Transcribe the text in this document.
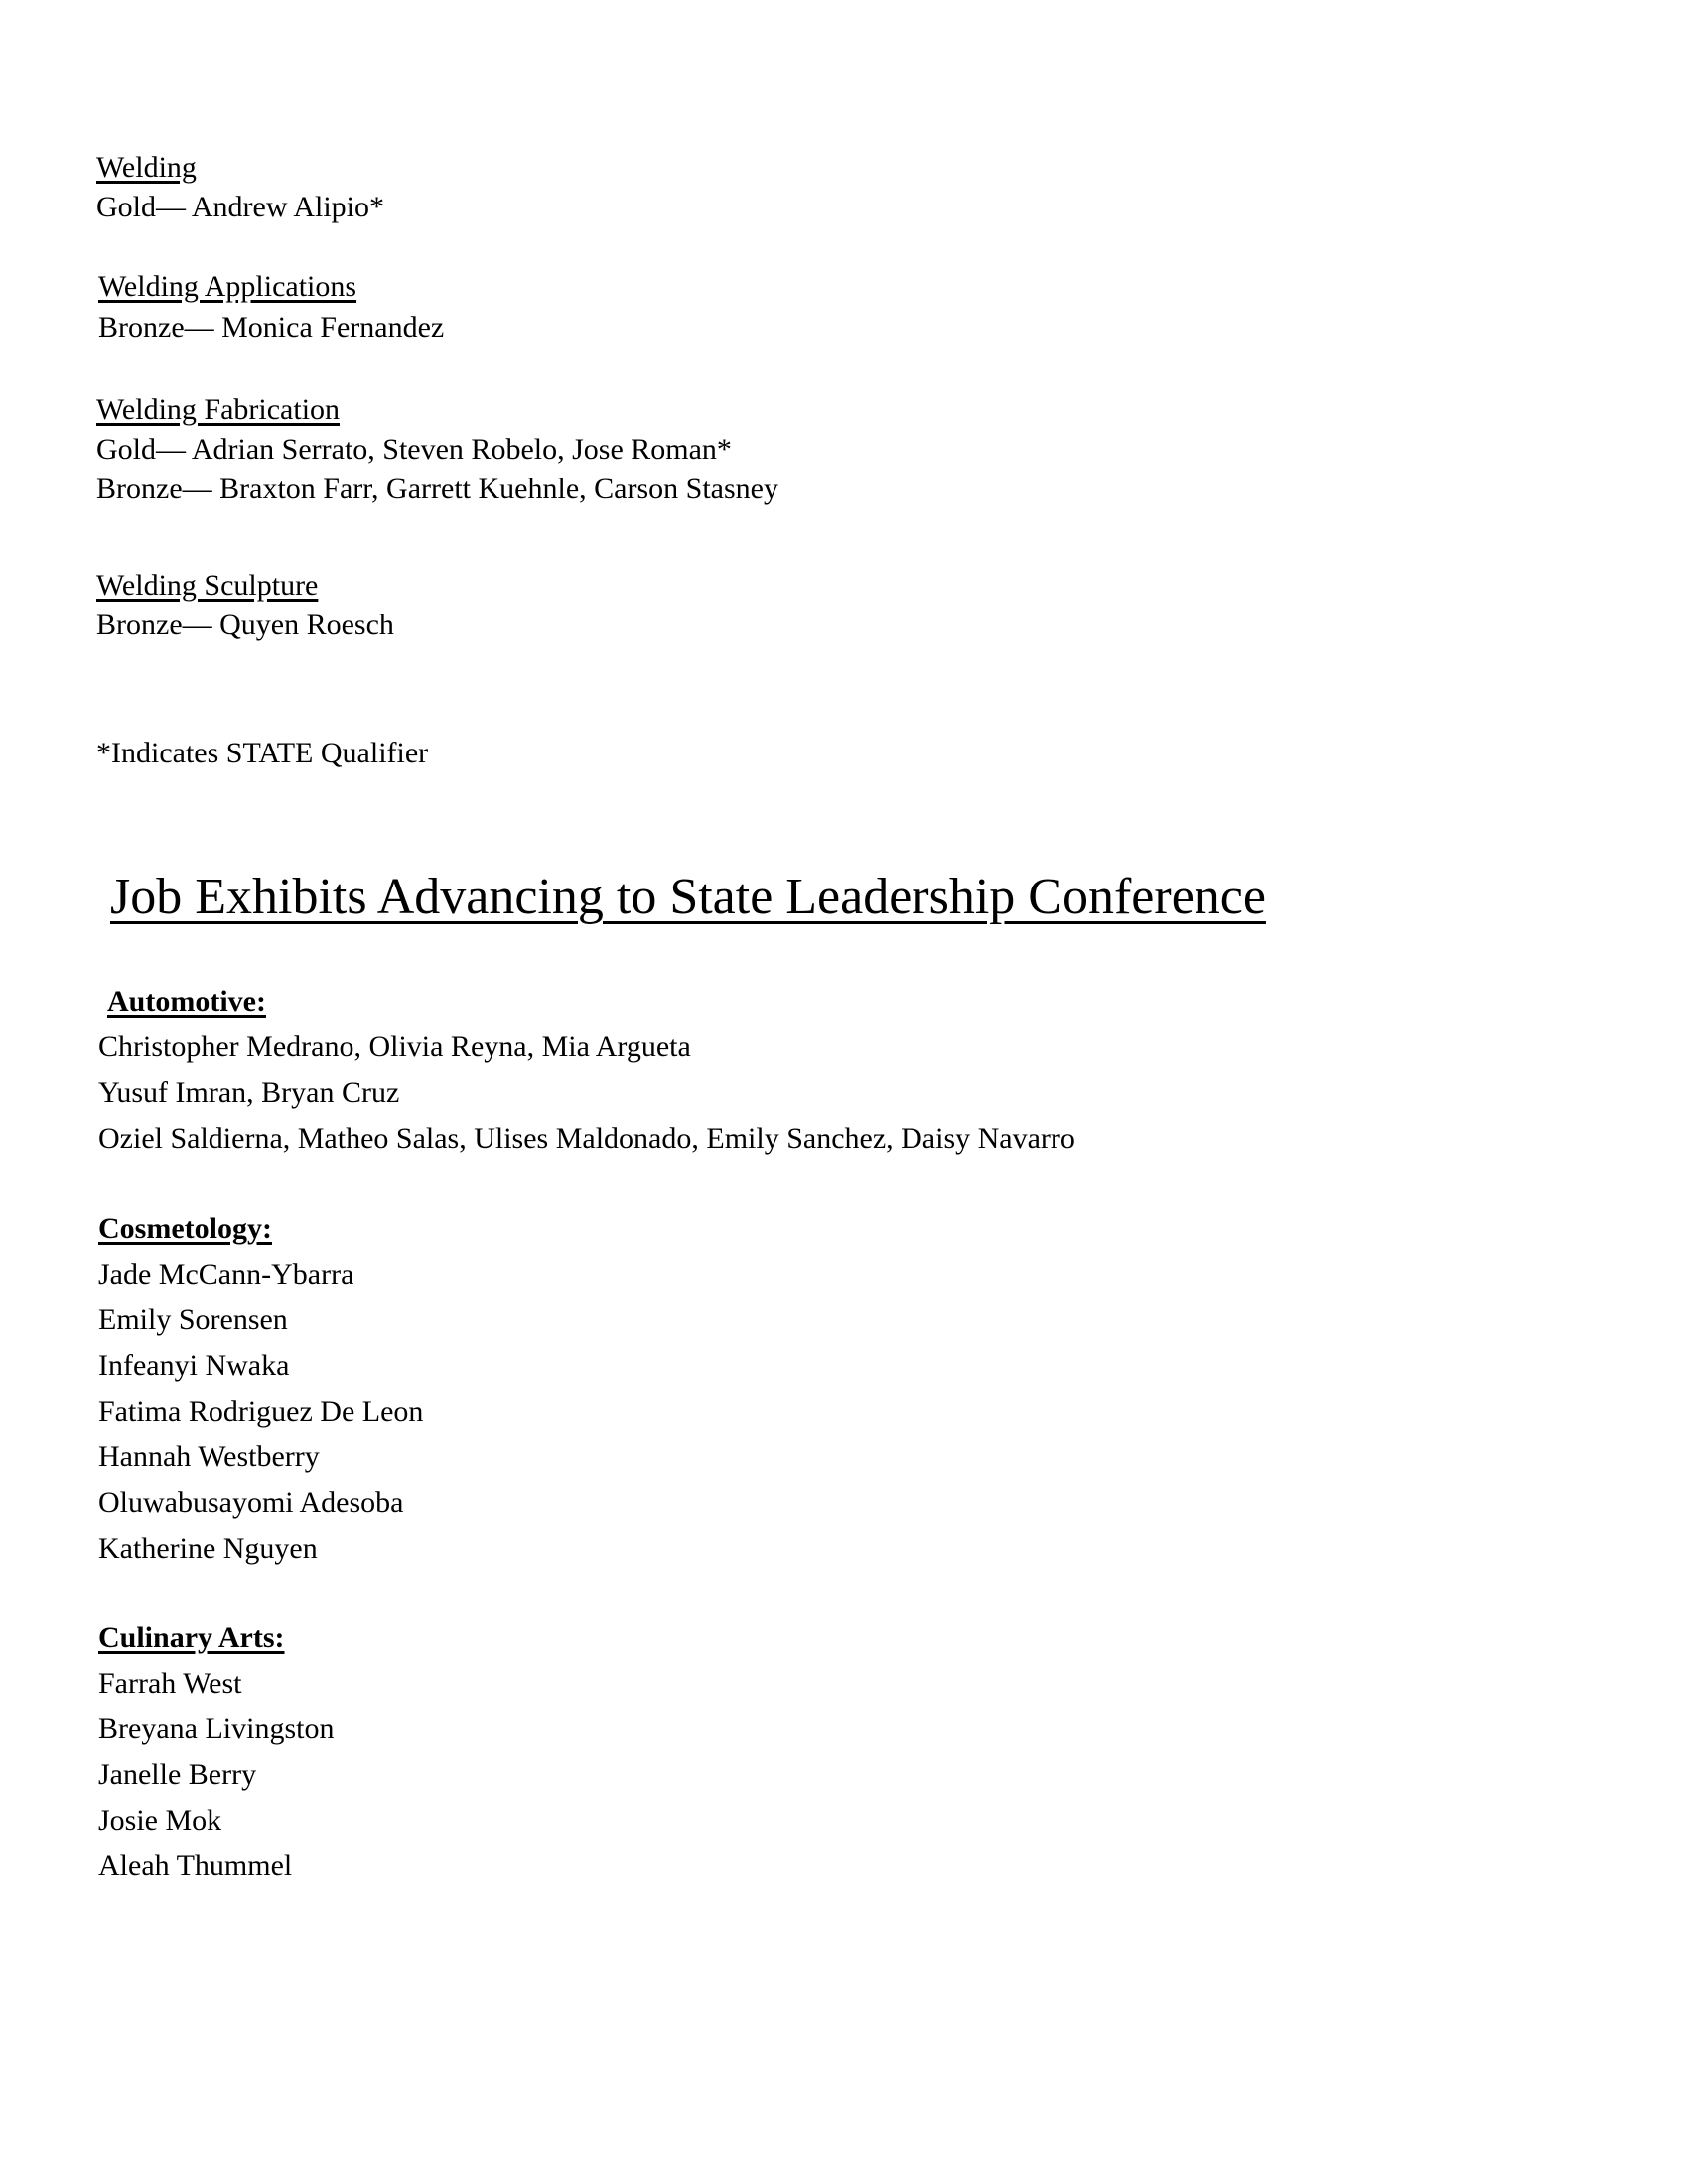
Welding
Gold— Andrew Alipio*
Welding Applications
Bronze— Monica Fernandez
Welding Fabrication
Gold— Adrian Serrato, Steven Robelo, Jose Roman*
Bronze— Braxton Farr, Garrett Kuehnle, Carson Stasney
Welding Sculpture
Bronze— Quyen Roesch
*Indicates STATE Qualifier
Job Exhibits Advancing to State Leadership Conference
Automotive:
Christopher Medrano, Olivia Reyna, Mia Argueta
Yusuf Imran, Bryan Cruz
Oziel Saldierna, Matheo Salas, Ulises Maldonado, Emily Sanchez, Daisy Navarro
Cosmetology:
Jade McCann-Ybarra
Emily Sorensen
Infeanyi Nwaka
Fatima Rodriguez De Leon
Hannah Westberry
Oluwabusayomi Adesoba
Katherine Nguyen
Culinary Arts:
Farrah West
Breyana Livingston
Janelle Berry
Josie Mok
Aleah Thummel
